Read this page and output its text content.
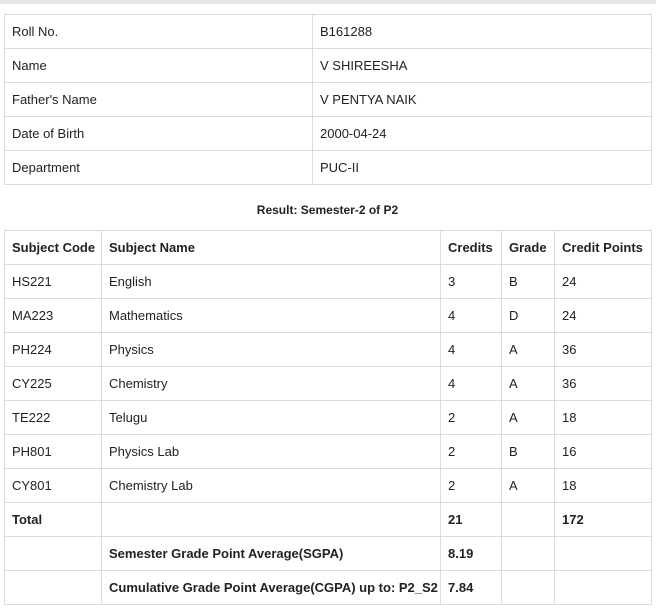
Roll No.	B161288
Name	V SHIREESHA
Father's Name	V PENTYA NAIK
Date of Birth	2000-04-24
Department	PUC-II
Result: Semester-2 of P2
Subject Code	Subject Name	Credits	Grade	Credit Points
HS221	English	3	B	24
MA223	Mathematics	4	D	24
PH224	Physics	4	A	36
CY225	Chemistry	4	A	36
TE222	Telugu	2	A	18
PH801	Physics Lab	2	B	16
CY801	Chemistry Lab	2	A	18
Total		21		172
	Semester Grade Point Average(SGPA)	8.19		
	Cumulative Grade Point Average(CGPA) up to: P2_S2	7.84		
